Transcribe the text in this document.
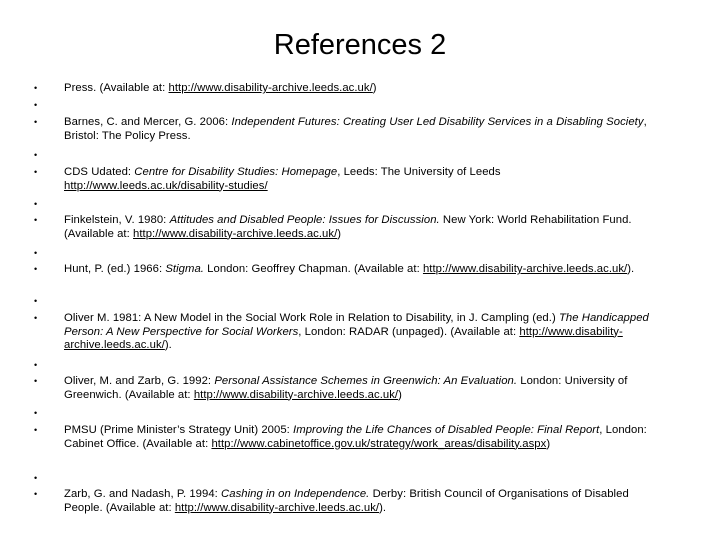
References 2
• Press. (Available at: http://www.disability-archive.leeds.ac.uk/)
•
• Barnes, C. and Mercer, G. 2006: Independent Futures: Creating User Led Disability Services in a Disabling Society, Bristol: The Policy Press.
•
• CDS Udated: Centre for Disability Studies: Homepage, Leeds: The University of Leeds
http://www.leeds.ac.uk/disability-studies/
•
• Finkelstein, V. 1980: Attitudes and Disabled People: Issues for Discussion. New York: World Rehabilitation Fund. (Available at: http://www.disability-archive.leeds.ac.uk/)
•
• Hunt, P. (ed.) 1966: Stigma. London: Geoffrey Chapman. (Available at: http://www.disability-archive.leeds.ac.uk/).
•
• Oliver M. 1981: A New Model in the Social Work Role in Relation to Disability, in J. Campling (ed.) The Handicapped Person: A New Perspective for Social Workers, London: RADAR (unpaged). (Available at: http://www.disability-archive.leeds.ac.uk/).
•
• Oliver, M. and Zarb, G. 1992: Personal Assistance Schemes in Greenwich: An Evaluation. London: University of Greenwich. (Available at: http://www.disability-archive.leeds.ac.uk/)
•
• PMSU (Prime Minister’s Strategy Unit) 2005: Improving the Life Chances of Disabled People: Final Report, London: Cabinet Office. (Available at: http://www.cabinetoffice.gov.uk/strategy/work_areas/disability.aspx)
•
• Zarb, G. and Nadash, P. 1994: Cashing in on Independence. Derby: British Council of Organisations of Disabled People. (Available at: http://www.disability-archive.leeds.ac.uk/).
